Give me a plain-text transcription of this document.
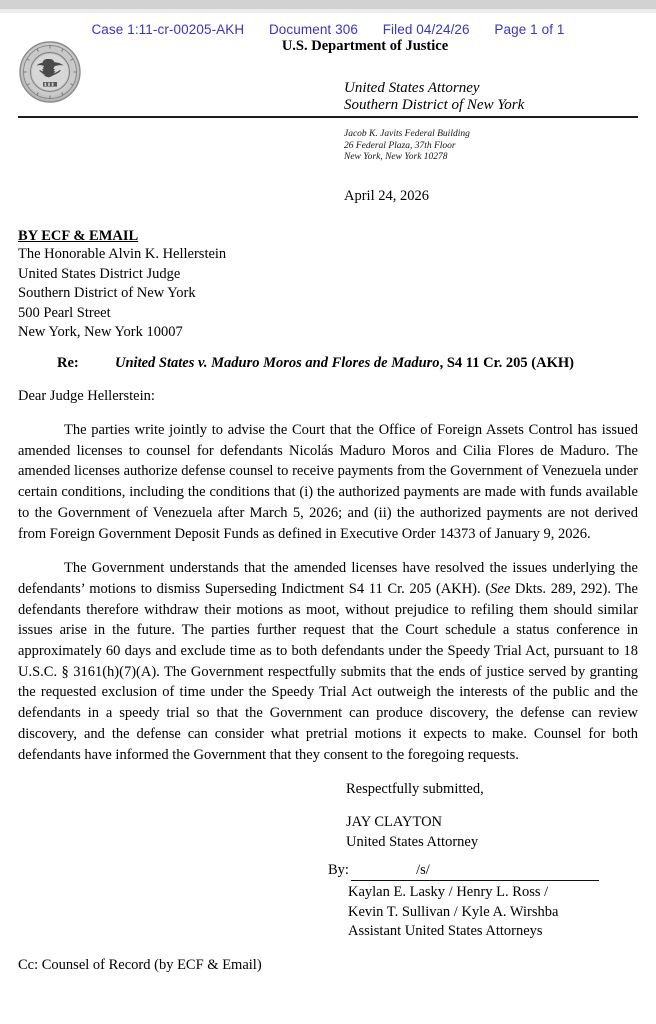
Case 1:11-cr-00205-AKH Document 306 Filed 04/24/26 Page 1 of 1
U.S. Department of Justice
United States Attorney
Southern District of New York
Jacob K. Javits Federal Building
26 Federal Plaza, 37th Floor
New York, New York 10278
April 24, 2026
BY ECF & EMAIL
The Honorable Alvin K. Hellerstein
United States District Judge
Southern District of New York
500 Pearl Street
New York, New York 10007
Re:	United States v. Maduro Moros and Flores de Maduro, S4 11 Cr. 205 (AKH)
Dear Judge Hellerstein:

The parties write jointly to advise the Court that the Office of Foreign Assets Control has issued amended licenses to counsel for defendants Nicolás Maduro Moros and Cilia Flores de Maduro. The amended licenses authorize defense counsel to receive payments from the Government of Venezuela under certain conditions, including the conditions that (i) the authorized payments are made with funds available to the Government of Venezuela after March 5, 2026; and (ii) the authorized payments are not derived from Foreign Government Deposit Funds as defined in Executive Order 14373 of January 9, 2026.

The Government understands that the amended licenses have resolved the issues underlying the defendants’ motions to dismiss Superseding Indictment S4 11 Cr. 205 (AKH). (See Dkts. 289, 292). The defendants therefore withdraw their motions as moot, without prejudice to refiling them should similar issues arise in the future. The parties further request that the Court schedule a status conference in approximately 60 days and exclude time as to both defendants under the Speedy Trial Act, pursuant to 18 U.S.C. § 3161(h)(7)(A). The Government respectfully submits that the ends of justice served by granting the requested exclusion of time under the Speedy Trial Act outweigh the interests of the public and the defendants in a speedy trial so that the Government can produce discovery, the defense can review discovery, and the defense can consider what pretrial motions it expects to make. Counsel for both defendants have informed the Government that they consent to the foregoing requests.

Respectfully submitted,
JAY CLAYTON
United States Attorney
By:	/s/
Kaylan E. Lasky / Henry L. Ross /
Kevin T. Sullivan / Kyle A. Wirshba
Assistant United States Attorneys
Cc: Counsel of Record (by ECF & Email)
